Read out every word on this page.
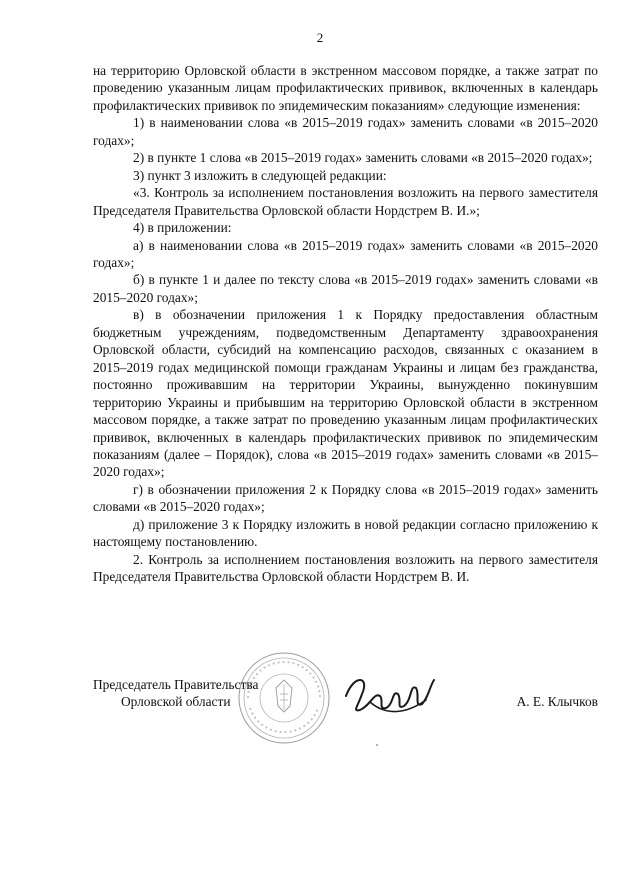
2

на территорию Орловской области в экстренном массовом порядке, а также затрат по проведению указанным лицам профилактических прививок, включенных в календарь профилактических прививок по эпидемическим показаниям» следующие изменения:

1) в наименовании слова «в 2015–2019 годах» заменить словами «в 2015–2020 годах»;

2) в пункте 1 слова «в 2015–2019 годах» заменить словами «в 2015–2020 годах»;

3) пункт 3 изложить в следующей редакции:

«3. Контроль за исполнением постановления возложить на первого заместителя Председателя Правительства Орловской области Нордстрем В. И.»;

4) в приложении:

а) в наименовании слова «в 2015–2019 годах» заменить словами «в 2015–2020 годах»;

б) в пункте 1 и далее по тексту слова «в 2015–2019 годах» заменить словами «в 2015–2020 годах»;

в) в обозначении приложения 1 к Порядку предоставления областным бюджетным учреждениям, подведомственным Департаменту здравоохранения Орловской области, субсидий на компенсацию расходов, связанных с оказанием в 2015–2019 годах медицинской помощи гражданам Украины и лицам без гражданства, постоянно проживавшим на территории Украины, вынужденно покинувшим территорию Украины и прибывшим на территорию Орловской области в экстренном массовом порядке, а также затрат по проведению указанным лицам профилактических прививок, включенных в календарь профилактических прививок по эпидемическим показаниям (далее – Порядок), слова «в 2015–2019 годах» заменить словами «в 2015–2020 годах»;

г) в обозначении приложения 2 к Порядку слова «в 2015–2019 годах» заменить словами «в 2015–2020 годах»;

д) приложение 3 к Порядку изложить в новой редакции согласно приложению к настоящему постановлению.

2. Контроль за исполнением постановления возложить на первого заместителя Председателя Правительства Орловской области Нордстрем В. И.

Председатель Правительства
Орловской области	А. Е. Клычков
